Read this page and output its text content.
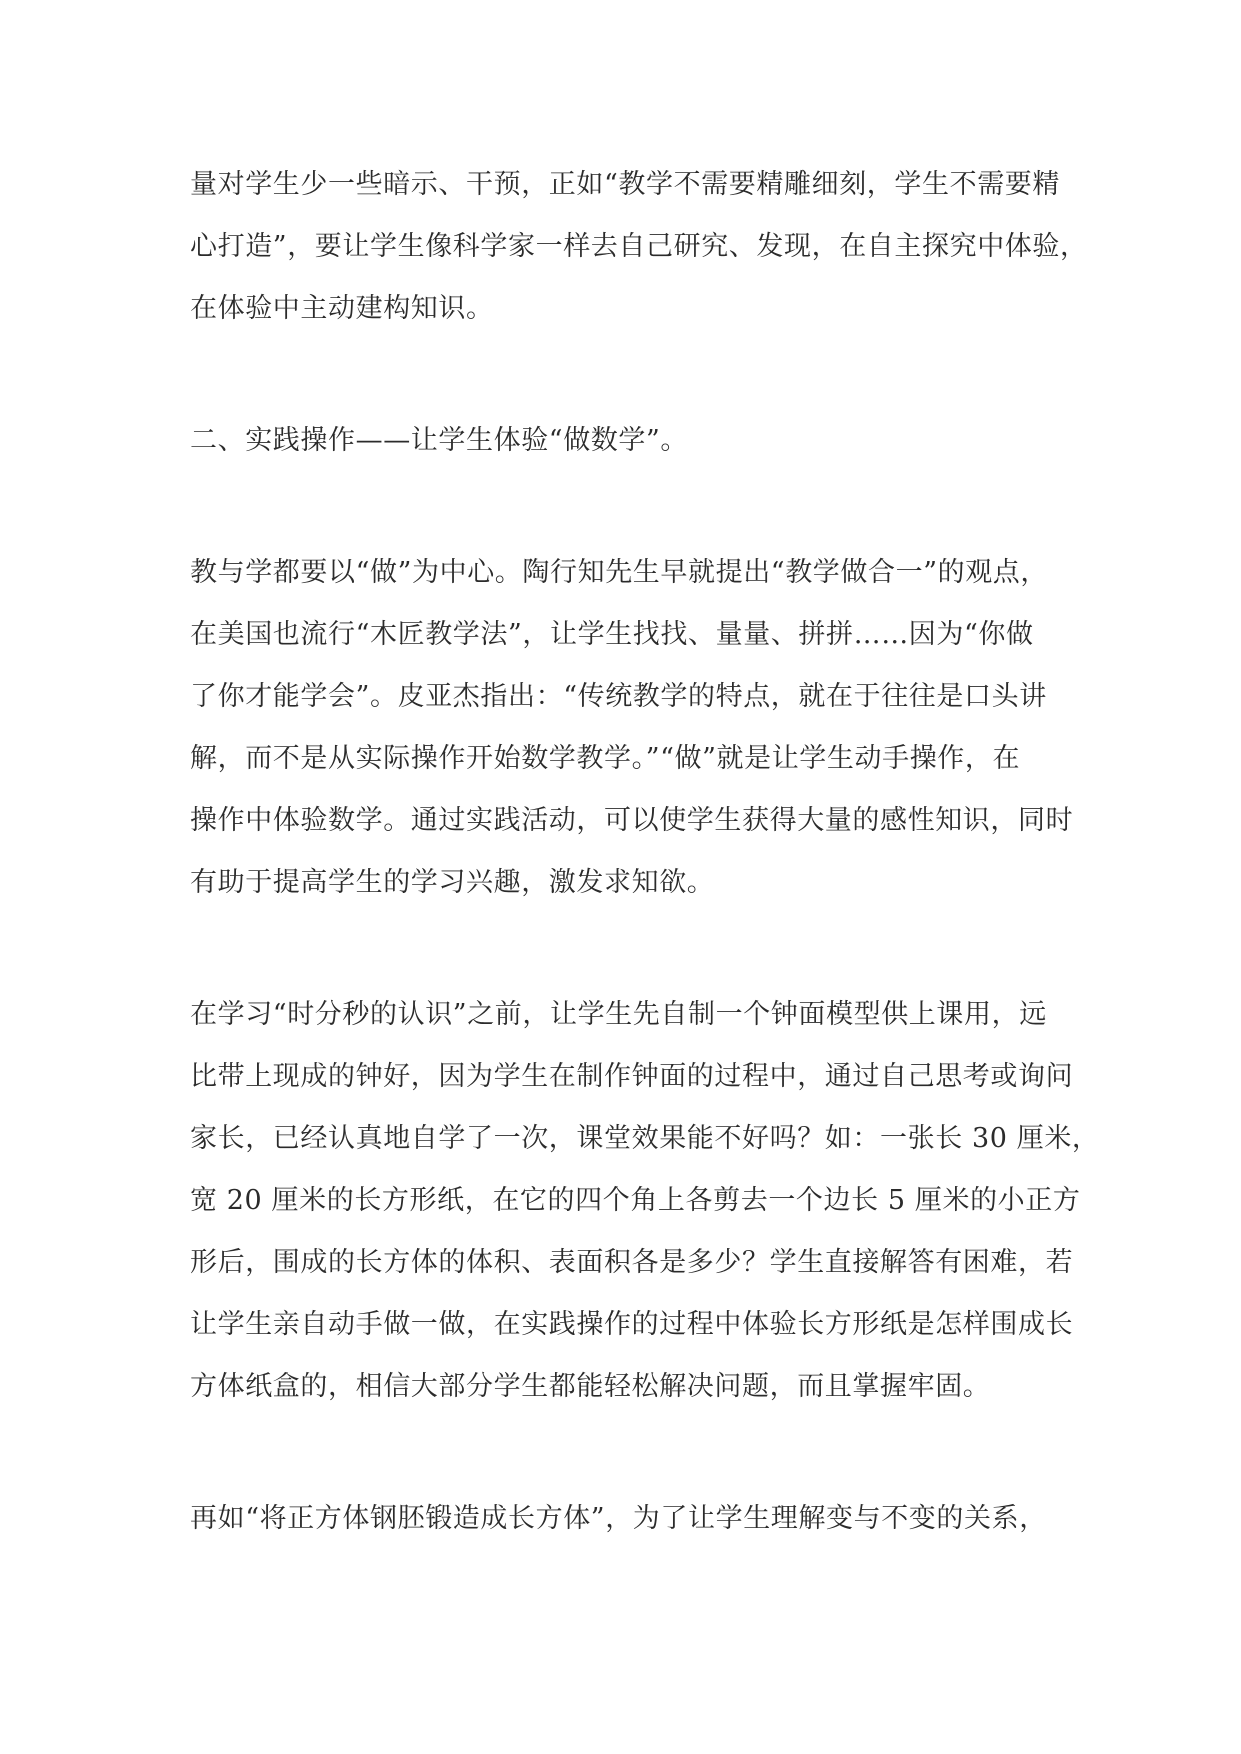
量对学生少一些暗示、干预，正如“教学不需要精雕细刻，学生不需要精
心打造”，要让学生像科学家一样去自己研究、发现，在自主探究中体验，
在体验中主动建构知识。
二、实践操作——让学生体验“做数学”。
教与学都要以“做”为中心。陶行知先生早就提出“教学做合一”的观点，
在美国也流行“木匠教学法”，让学生找找、量量、拼拼……因为“你做
了你才能学会”。皮亚杰指出：“传统教学的特点，就在于往往是口头讲
解，而不是从实际操作开始数学教学。”“做”就是让学生动手操作，在
操作中体验数学。通过实践活动，可以使学生获得大量的感性知识，同时
有助于提高学生的学习兴趣，激发求知欲。
在学习“时分秒的认识”之前，让学生先自制一个钟面模型供上课用，远
比带上现成的钟好，因为学生在制作钟面的过程中，通过自己思考或询问
家长，已经认真地自学了一次，课堂效果能不好吗？如：一张长 30 厘米，
宽 20 厘米的长方形纸，在它的四个角上各剪去一个边长 5 厘米的小正方
形后，围成的长方体的体积、表面积各是多少？学生直接解答有困难，若
让学生亲自动手做一做，在实践操作的过程中体验长方形纸是怎样围成长
方体纸盒的，相信大部分学生都能轻松解决问题，而且掌握牢固。
再如“将正方体钢胚锻造成长方体”，为了让学生理解变与不变的关系，
